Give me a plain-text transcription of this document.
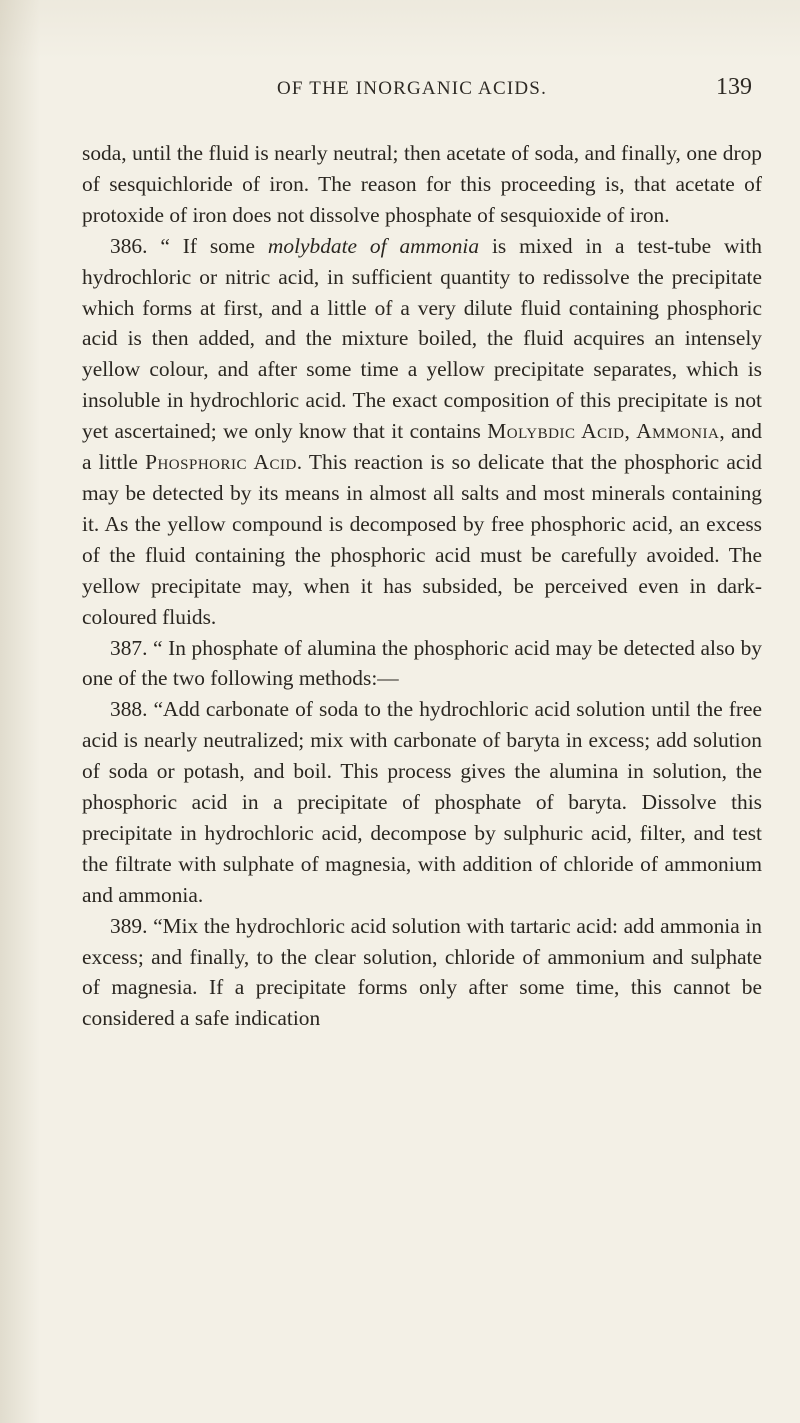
OF THE INORGANIC ACIDS.	139

soda, until the fluid is nearly neutral; then acetate of soda, and finally, one drop of sesquichloride of iron. The reason for this proceeding is, that acetate of protoxide of iron does not dissolve phosphate of sesquioxide of iron.

386. “ If some molybdate of ammonia is mixed in a test-tube with hydrochloric or nitric acid, in sufficient quantity to redissolve the precipitate which forms at first, and a little of a very dilute fluid containing phosphoric acid is then added, and the mixture boiled, the fluid acquires an intensely yellow colour, and after some time a yellow precipitate separates, which is insoluble in hydrochloric acid. The exact composition of this precipitate is not yet ascertained; we only know that it contains Molybdic Acid, Ammonia, and a little Phosphoric Acid. This reaction is so delicate that the phosphoric acid may be detected by its means in almost all salts and most minerals containing it. As the yellow compound is decomposed by free phosphoric acid, an excess of the fluid containing the phosphoric acid must be carefully avoided. The yellow precipitate may, when it has subsided, be perceived even in dark-coloured fluids.

387. “ In phosphate of alumina the phosphoric acid may be detected also by one of the two following methods:—

388. “Add carbonate of soda to the hydrochloric acid solution until the free acid is nearly neutralized; mix with carbonate of baryta in excess; add solution of soda or potash, and boil. This process gives the alumina in solution, the phosphoric acid in a precipitate of phosphate of baryta. Dissolve this precipitate in hydrochloric acid, decompose by sulphuric acid, filter, and test the filtrate with sulphate of magnesia, with addition of chloride of ammonium and ammonia.

389. “Mix the hydrochloric acid solution with tartaric acid: add ammonia in excess; and finally, to the clear solution, chloride of ammonium and sulphate of magnesia. If a precipitate forms only after some time, this cannot be considered a safe indication
